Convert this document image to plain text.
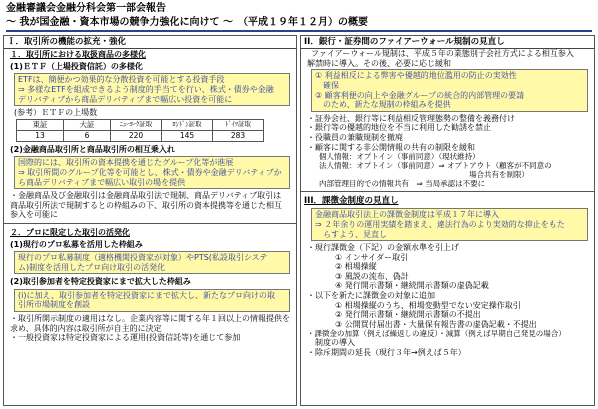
金融審議会金融分科会第一部会報告
～ 我が国金融・資本市場の競争力強化に向けて ～　（平成１９年１２月）の概要
Ｉ．取引所の機能の拡充・強化
１．取引所における取扱商品の多様化
(1)ＥＴＦ（上場投資信託）の多様化
ETFは、簡便かつ効果的な分散投資を可能とする投資手段
⇒ 多様なETFを組成できるよう制度的手当てを行い、株式・債券や金融
デリバティブから商品デリバティブまで幅広い投資を可能に
(参考）ＥＴＦの上場数
東証	大証	ﾆｭｰﾖｰｸ証取	ﾛﾝﾄﾞﾝ証取	ﾄﾞｲﾂ証取
13	6	220	145	283
(2)金融商品取引所と商品取引所の相互乗入れ
国際的には、取引所の資本提携を通じたグループ化等が進展
⇒ 取引所間のグループ化等を可能とし、株式・債券や金融デリバティブか
ら商品デリバティブまで幅広い取引の場を提供
・金融商品及び金融取引は金融商品取引法で規制、商品デリバティブ取引は
商品取引所法で規制するとの枠組みの下、取引所の資本提携等を通じた相互
参入を可能に
２．プロに限定した取引の活発化
(1)現行のプロ私募を活用した枠組み
現行のプロ私募制度（適格機関投資家が対象）やPTS(私設取引システ
ム)制度を活用したプロ向け取引の活発化
(2)取引参加者を特定投資家にまで拡大した枠組み
(i)に加え、取引参加者を特定投資家にまで拡大し、新たなプロ向けの取
引所市場制度を創設
・取引所開示制度の適用はなし。企業内容等に関する年１回以上の情報提供を
求め、具体的内容は取引所が自主的に決定
・一般投資家は特定投資家による運用(投資信託等)を通じて参加
II．銀行・証券間のファイアーウォール規制の見直し
ファイアーウォール規制は、平成５年の業態別子会社方式による相互参入
解禁時に導入。その後、必要に応じ緩和
① 利益相反による弊害や優越的地位濫用の防止の実効性
　確保
② 顧客利便の向上や金融グループの統合的内部管理の要請
　のため、新たな規制の枠組みを提供
・証券会社、銀行等に利益相反管理態勢の整備を義務付け
・銀行等の優越的地位を不当に利用した勧誘を禁止
・役職員の兼職規制を撤廃
・顧客に関する非公開情報の共有の制限を緩和
個人情報：オプトイン（事前同意）（現状維持）
法人情報：オプトイン（事前同意）⇒ オプトアウト（顧客が不同意の
　　　　　　　　　　　　　　　　　　　　場合共有を制限）
内部管理目的での情報共有　⇒ 当局承認は不要に
III．課徴金制度の見直し
金融商品取引法上の課徴金制度は平成１７年に導入
⇒ ２年余りの運用実績を踏まえ、違法行為のより実効的な抑止をもた
　らすよう、見直し
・現行課徴金（下記）の金額水準を引上げ
① インサイダー取引
② 相場操縦
③ 風説の流布、偽計
④ 発行開示書類・継続開示書類の虚偽記載
・以下を新たに課徴金の対象に追加
① 相場操縦のうち、相場変動型でない安定操作取引
② 発行開示書類・継続開示書類の不提出
③ 公開買付届出書・大量保有報告書の虚偽記載・不提出
・課徴金の加算（例えば繰返しの違反）・減算（例えば早期自己発見の場合）
制度の導入
・除斥期間の延長（現行３年→例えば５年）
